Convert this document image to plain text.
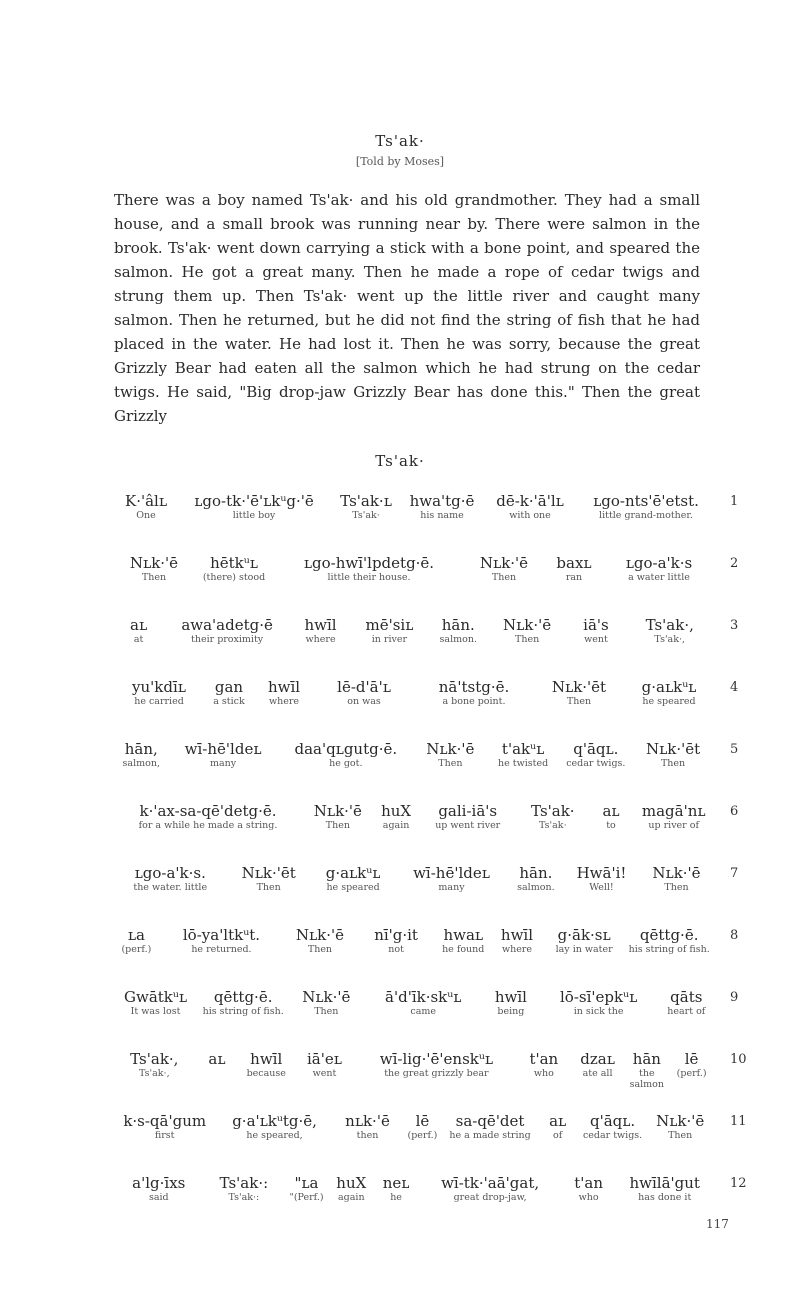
Ts'ak·
[Told by Moses]
There was a boy named Ts'ak· and his old grandmother. They had a small house, and a small brook was running near by. There were salmon in the brook. Ts'ak· went down carrying a stick with a bone point, and speared the salmon. He got a great many. Then he made a rope of cedar twigs and strung them up. Then Ts'ak· went up the little river and caught many salmon. Then he returned, but he did not find the string of fish that he had placed in the water. He had lost it. Then he was sorry, because the great Grizzly Bear had eaten all the salmon which he had strung on the cedar twigs. He said, "Big drop-jaw Grizzly Bear has done this." Then the great Grizzly
Ts'ak·
K·'âlʟ
One
ʟgo-tk·'ē'ʟkᵘg·'ē
little boy
Ts'ak·ʟ
Ts'ak·
hwa'tg·ē
his name
dē-k·'ā'lʟ
with one
ʟgo-nts'ē'etst.
little grand-mother.
1
Nʟk·'ē
Then
hētkᵘʟ
(there) stood
ʟgo-hwī'lpdetg·ē.
little their house.
Nʟk·'ē
Then
baxʟ
ran
ʟgo-a'k·s
a water little
2
aʟ
at
awa'adetg·ē
their proximity
hwīl
where
mē'siʟ
in river
hān.
salmon.
Nʟk·'ē
Then
iā's
went
Ts'ak·,
Ts'ak·,
3
yu'kdīʟ
he carried
gan
a stick
hwīl
where
lē-d'ā'ʟ
on was
nā'tstg·ē.
a bone point.
Nʟk·'ēt
Then
g·aʟkᵘʟ
he speared
4
hān,
salmon,
wī-hē'ldeʟ
many
daa'qʟgutg·ē.
he got.
Nʟk·'ē
Then
t'akᵘʟ
he twisted
q'āqʟ.
cedar twigs.
Nʟk·'ēt
Then
5
k·'ax-sa-qē'detg·ē.
for a while he made a string.
Nʟk·'ē
Then
huX
again
gali-iā's
up went river
Ts'ak·
Ts'ak·
aʟ
to
magā'nʟ
up river of
6
ʟgo-a'k·s.
the water. little
Nʟk·'ēt
Then
g·aʟkᵘʟ
he speared
wī-hē'ldeʟ
many
hān.
salmon.
Hwā'i!
Well!
Nʟk·'ē
Then
7
ʟa
(perf.)
lō-ya'ltkᵘt.
he returned.
Nʟk·'ē
Then
nī'g·it
not
hwaʟ
he found
hwīl
where
g·āk·sʟ
lay in water
qēttg·ē.
his string of fish.
8
Gwātkᵘʟ
It was lost
qēttg·ē.
his string of fish.
Nʟk·'ē
Then
ā'd'īk·skᵘʟ
came
hwīl
being
lō-sī'epkᵘʟ
in sick the
qāts
heart of
9
Ts'ak·,
Ts'ak·,
aʟ	hwīl
because
iā'eʟ
went
wī-lig·'ē'enskᵘʟ
the great grizzly bear
t'an
who
dzaʟ
ate all
hān
the salmon
lē
(perf.)
10
k·s-qā'gum
first
g·a'ʟkᵘtg·ē,
he speared,
nʟk·'ē
then
lē
(perf.)
sa-qē'det
he a made string
aʟ
of
q'āqʟ.
cedar twigs.
Nʟk·'ē
Then
11
a'lg·īxs
said
Ts'ak·:
Ts'ak·:
"ʟa
"(Perf.)
huX
again
neʟ
he
wī-tk·'aā'gat,
great drop-jaw,
t'an
who
hwīlā'gut
has done it
12
117
